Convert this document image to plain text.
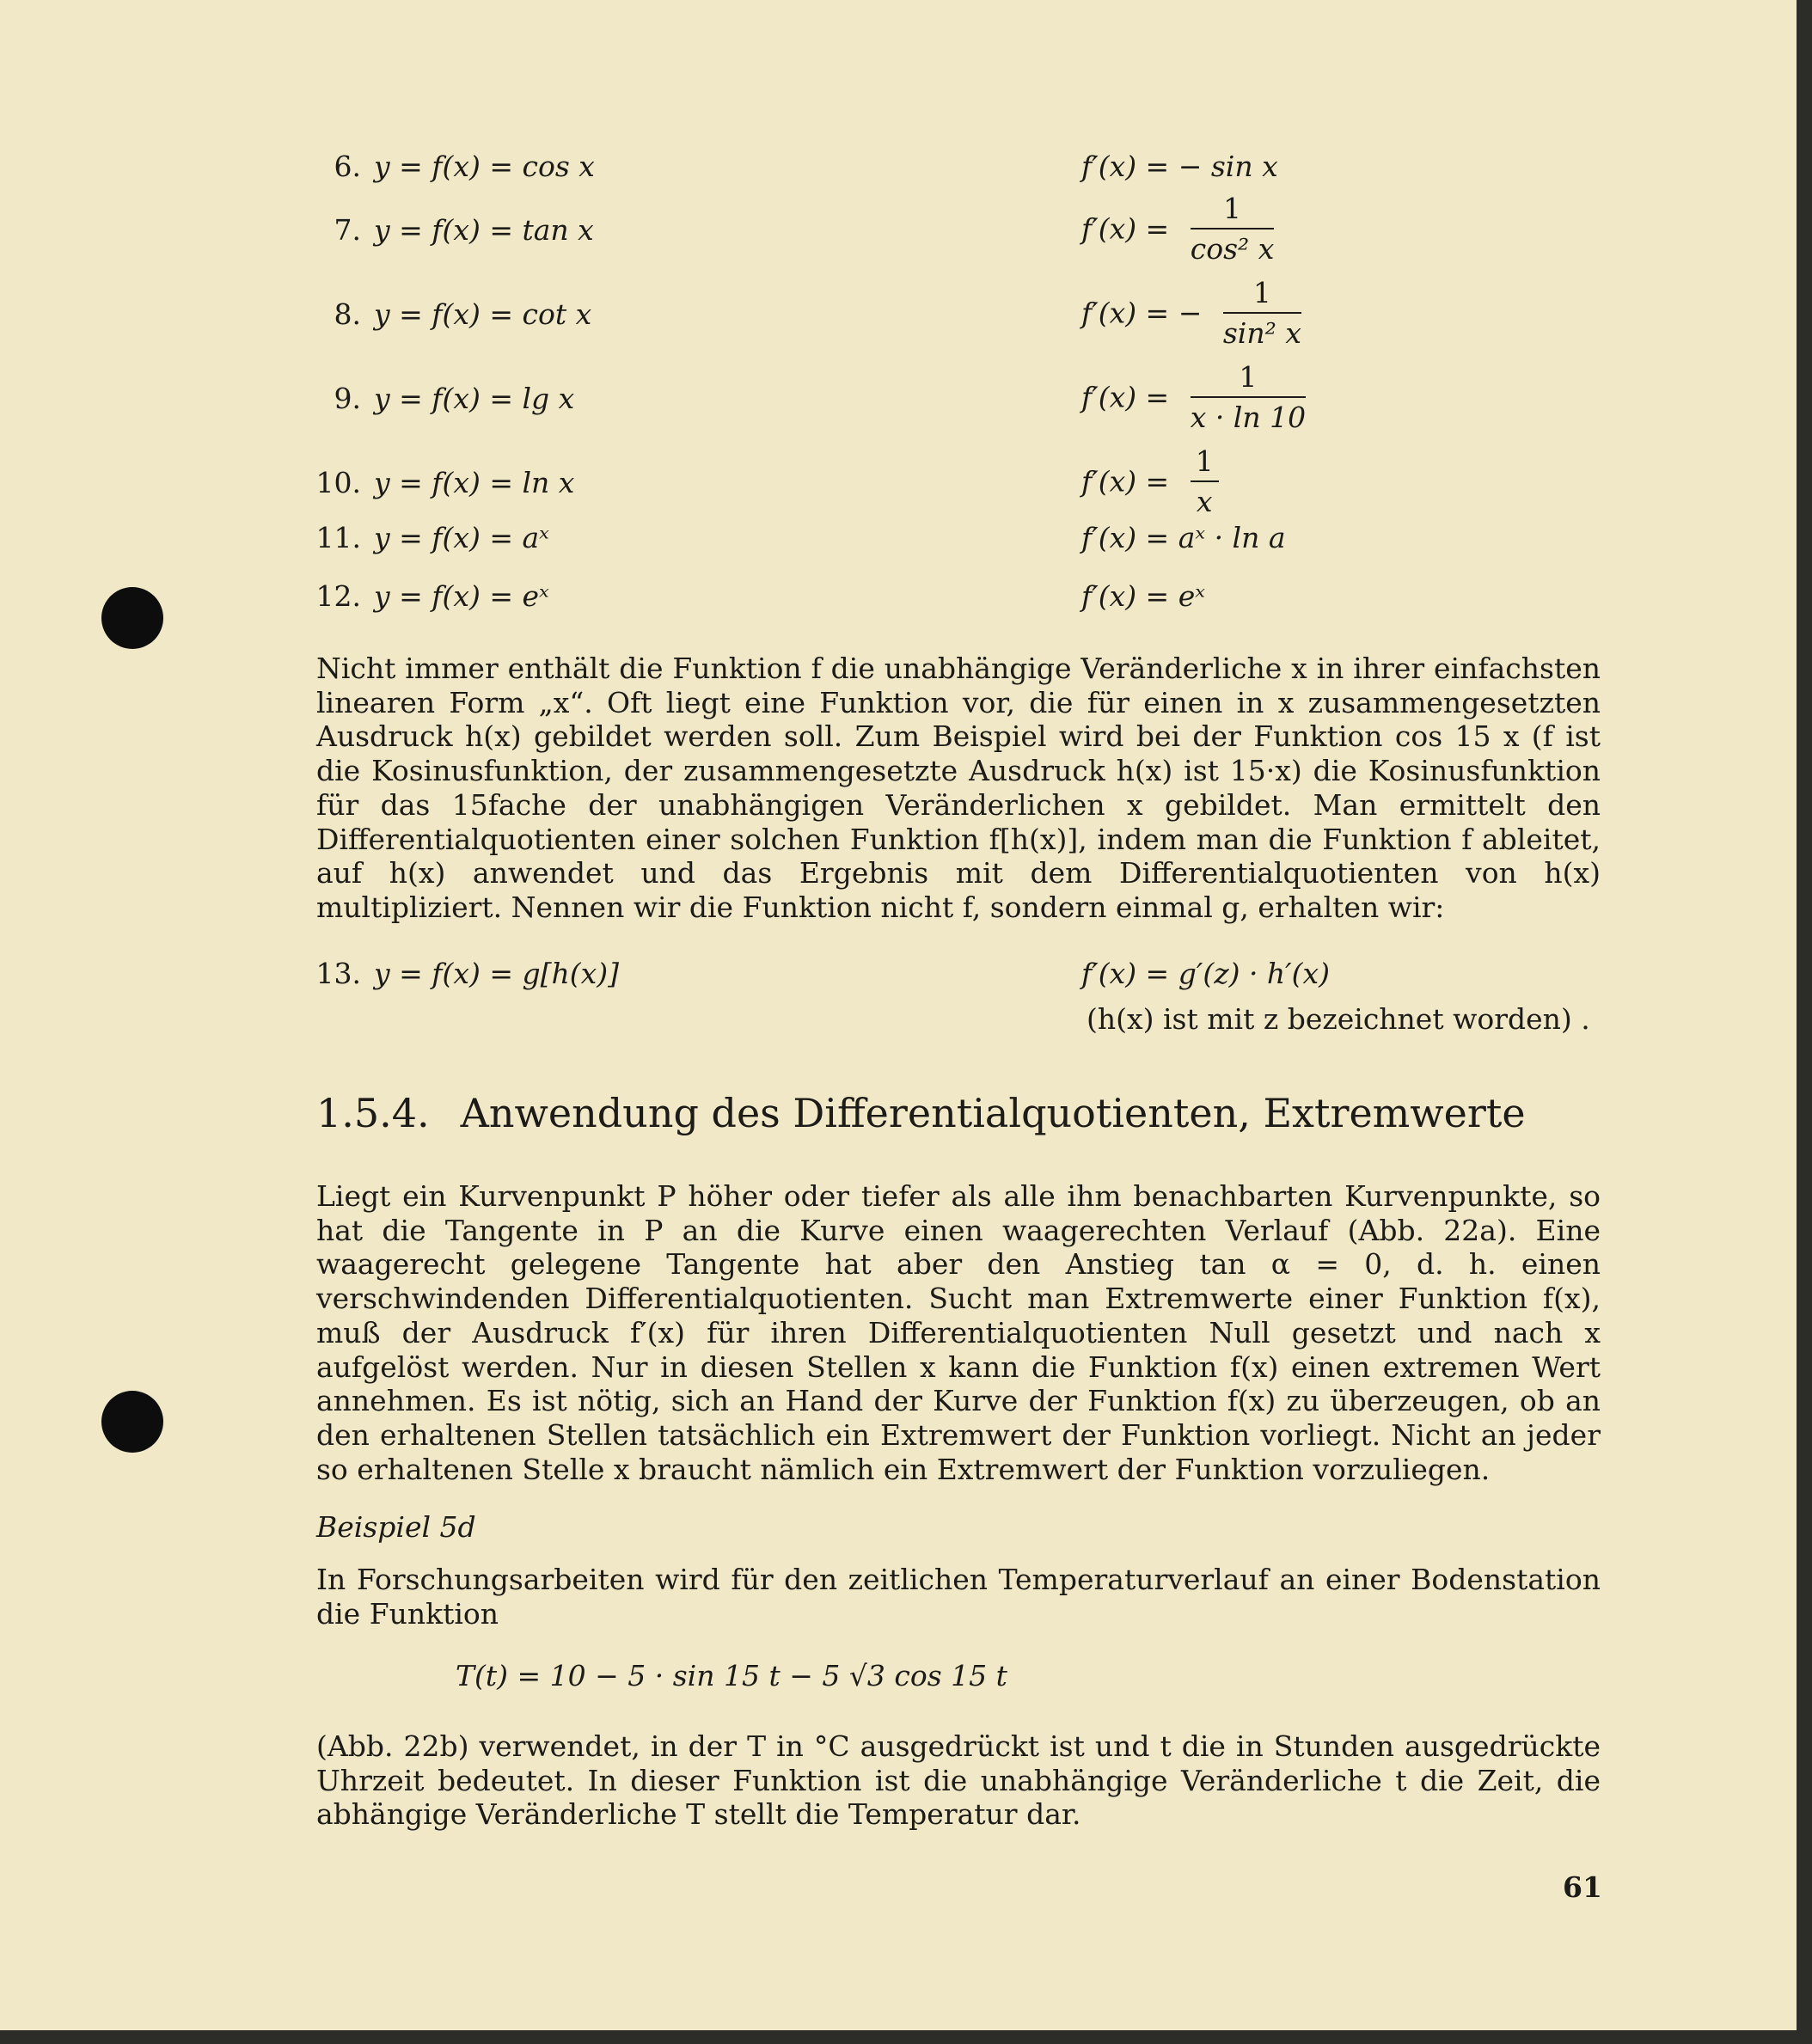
6. y = f(x) = cos x	f′(x) = − sin x
7. y = f(x) = tan x	$f'(x) = \frac{1}{\text{cos² x}}$
8. y = f(x) = cot x	f′(x) = − $\frac{1}{\text{sin² x}}$
9. y = f(x) = lg x	$f'(x) = \frac{1}{x \cdot \ln 10}$
10. y = f(x) = ln x	$f'(x) = \frac{1}{x}$
11. y = f(x) = aˣ	f′(x) = aˣ · ln a
12. y = f(x) = eˣ	f′(x) = eˣ

Nicht immer enthält die Funktion f die unabhängige Veränderliche x in ihrer einfachsten linearen Form „x“. Oft liegt eine Funktion vor, die für einen in x zusammengesetzten Ausdruck h(x) gebildet werden soll. Zum Beispiel wird bei der Funktion cos 15 x (f ist die Kosinusfunktion, der zusammengesetzte Ausdruck h(x) ist 15·x) die Kosinusfunktion für das 15fache der unabhängigen Veränderlichen x gebildet. Man ermittelt den Differentialquotienten einer solchen Funktion f[h(x)], indem man die Funktion f ableitet, auf h(x) anwendet und das Ergebnis mit dem Differentialquotienten von h(x) multipliziert. Nennen wir die Funktion nicht f, sondern einmal g, erhalten wir:

13. y = f(x) = g[h(x)]	f′(x) = g′(z) · h′(x)
(h(x) ist mit z bezeichnet worden) .
1.5.4. Anwendung des Differentialquotienten, Extremwerte

Liegt ein Kurvenpunkt P höher oder tiefer als alle ihm benachbarten Kurvenpunkte, so hat die Tangente in P an die Kurve einen waagerechten Verlauf (Abb. 22a). Eine waagerecht gelegene Tangente hat aber den Anstieg tan α = 0, d. h. einen verschwindenden Differentialquotienten. Sucht man Extremwerte einer Funktion f(x), muß der Ausdruck f′(x) für ihren Differentialquotienten Null gesetzt und nach x aufgelöst werden. Nur in diesen Stellen x kann die Funktion f(x) einen extremen Wert annehmen. Es ist nötig, sich an Hand der Kurve der Funktion f(x) zu überzeugen, ob an den erhaltenen Stellen tatsächlich ein Extremwert der Funktion vorliegt. Nicht an jeder so erhaltenen Stelle x braucht nämlich ein Extremwert der Funktion vorzuliegen.

Beispiel 5d

In Forschungsarbeiten wird für den zeitlichen Temperaturverlauf an einer Bodenstation die Funktion

T(t) = 10 − 5 · sin 15 t − 5 √3 cos 15 t

(Abb. 22b) verwendet, in der T in °C ausgedrückt ist und t die in Stunden ausgedrückte Uhrzeit bedeutet. In dieser Funktion ist die unabhängige Veränderliche t die Zeit, die abhängige Veränderliche T stellt die Temperatur dar.

61
